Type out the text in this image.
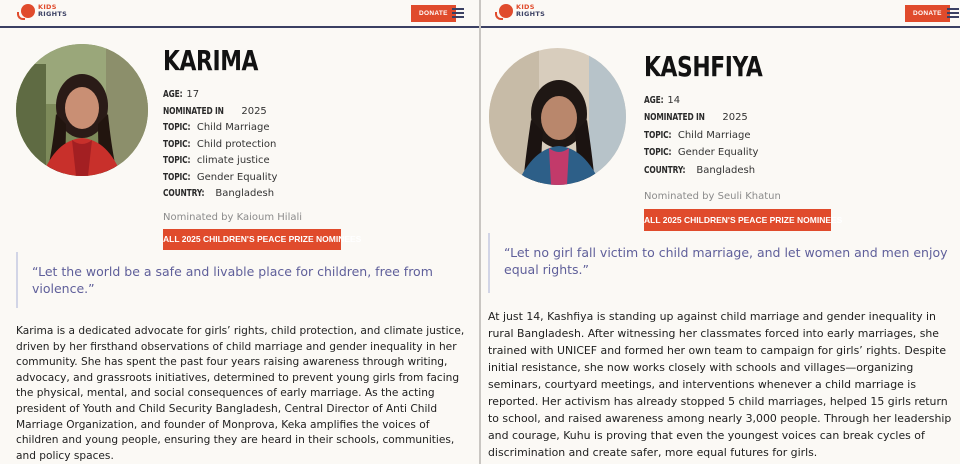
KIDS
RIGHTS	DONATE
KARIMA
AGE: 17
NOMINATED IN 2025
TOPIC: Child Marriage
TOPIC: Child protection
TOPIC: climate justice
TOPIC: Gender Equality
COUNTRY: Bangladesh
Nominated by Kaioum Hilali
ALL 2025 CHILDREN'S PEACE PRIZE NOMINEES
“Let the world be a safe and livable place for children, free from violence.”
Karima is a dedicated advocate for girls’ rights, child protection, and climate justice, driven by her firsthand observations of child marriage and gender inequality in her community. She has spent the past four years raising awareness through writing, advocacy, and grassroots initiatives, determined to prevent young girls from facing the physical, mental, and social consequences of early marriage. As the acting president of Youth and Child Security Bangladesh, Central Director of Anti Child Marriage Organization, and founder of Monprova, Keka amplifies the voices of children and young people, ensuring they are heard in their schools, communities, and policy spaces.
KIDS
RIGHTS	DONATE
KASHFIYA
AGE: 14
NOMINATED IN 2025
TOPIC: Child Marriage
TOPIC: Gender Equality
COUNTRY: Bangladesh
Nominated by Seuli Khatun
ALL 2025 CHILDREN'S PEACE PRIZE NOMINEES
“Let no girl fall victim to child marriage, and let women and men enjoy equal rights.”
At just 14, Kashfiya is standing up against child marriage and gender inequality in rural Bangladesh. After witnessing her classmates forced into early marriages, she trained with UNICEF and formed her own team to campaign for girls’ rights. Despite initial resistance, she now works closely with schools and villages—organizing seminars, courtyard meetings, and interventions whenever a child marriage is reported. Her activism has already stopped 5 child marriages, helped 15 girls return to school, and raised awareness among nearly 3,000 people. Through her leadership and courage, Kuhu is proving that even the youngest voices can break cycles of discrimination and create safer, more equal futures for girls.
